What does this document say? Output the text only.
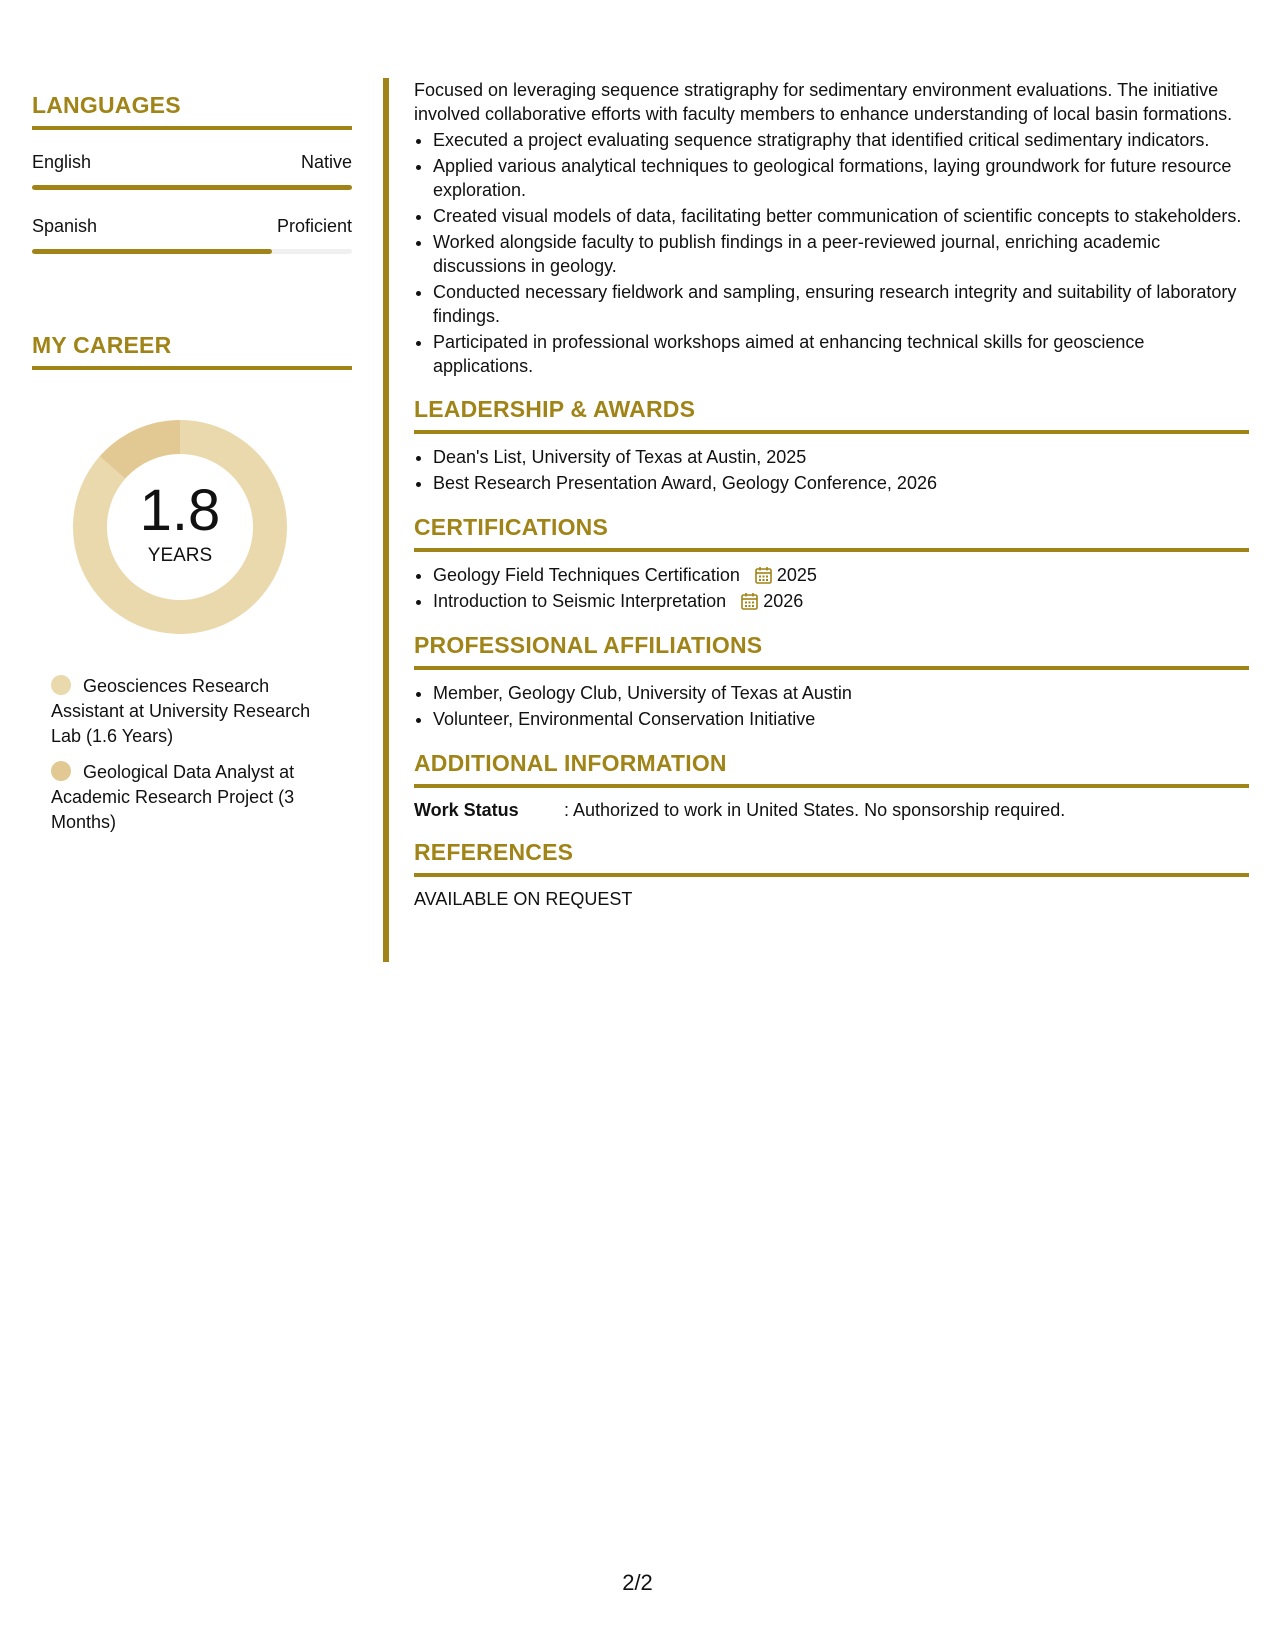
LANGUAGES
English	Native
Spanish	Proficient
MY CAREER
1.8
YEARS
Geosciences Research Assistant at University Research Lab (1.6 Years)
Geological Data Analyst at Academic Research Project (3 Months)

Focused on leveraging sequence stratigraphy for sedimentary environment evaluations. The initiative involved collaborative efforts with faculty members to enhance understanding of local basin formations.

• Executed a project evaluating sequence stratigraphy that identified critical sedimentary indicators.
• Applied various analytical techniques to geological formations, laying groundwork for future resource exploration.
• Created visual models of data, facilitating better communication of scientific concepts to stakeholders.
• Worked alongside faculty to publish findings in a peer-reviewed journal, enriching academic discussions in geology.
• Conducted necessary fieldwork and sampling, ensuring research integrity and suitability of laboratory findings.
• Participated in professional workshops aimed at enhancing technical skills for geoscience applications.
LEADERSHIP & AWARDS
• Dean's List, University of Texas at Austin, 2025
• Best Research Presentation Award, Geology Conference, 2026
CERTIFICATIONS
• Geology Field Techniques Certification 2025
• Introduction to Seismic Interpretation 2026
PROFESSIONAL AFFILIATIONS
• Member, Geology Club, University of Texas at Austin
• Volunteer, Environmental Conservation Initiative
ADDITIONAL INFORMATION
Work Status	: Authorized to work in United States. No sponsorship required.
REFERENCES
AVAILABLE ON REQUEST
2/2
